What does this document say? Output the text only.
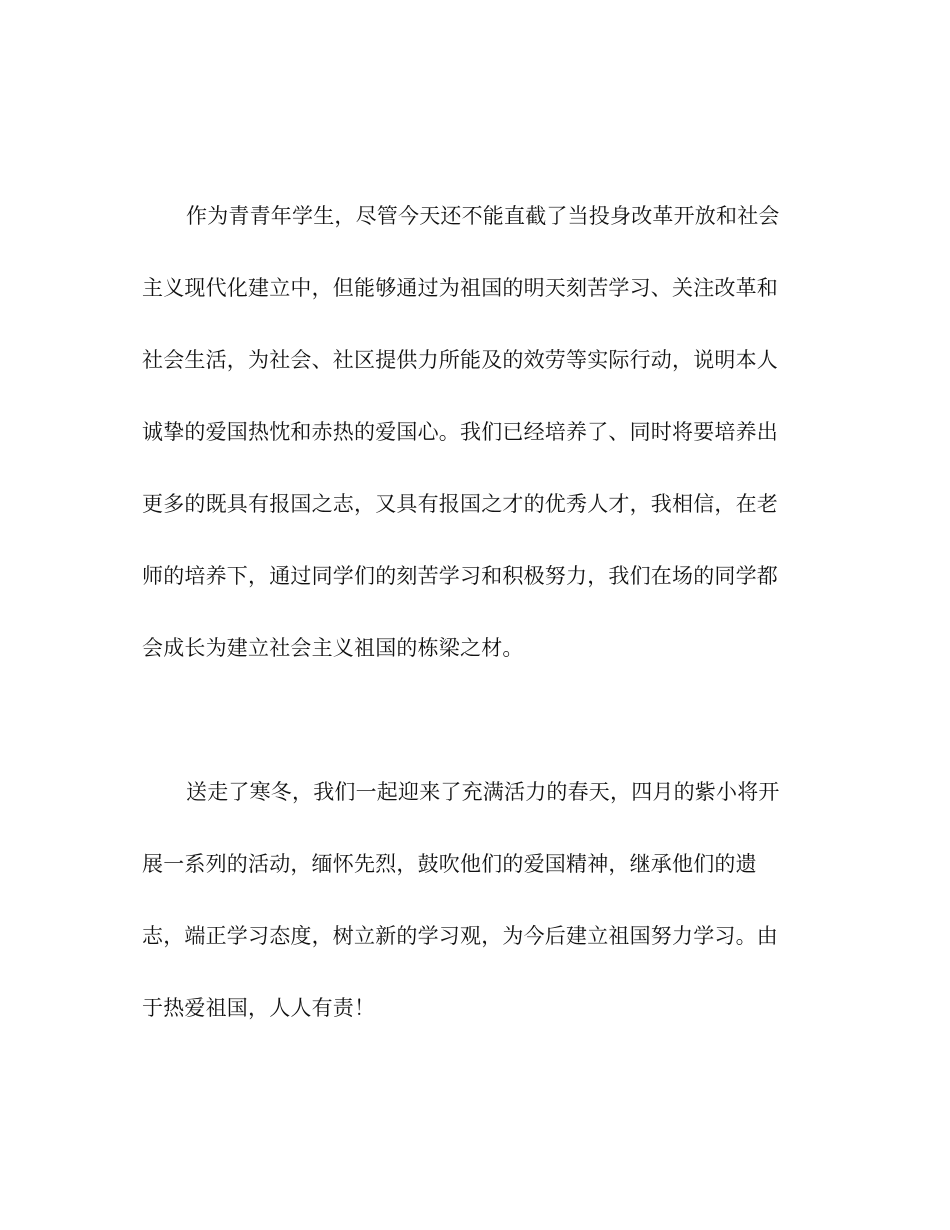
作为青青年学生，尽管今天还不能直截了当投身改革开放和社会
主义现代化建立中，但能够通过为祖国的明天刻苦学习、关注改革和
社会生活，为社会、社区提供力所能及的效劳等实际行动，说明本人
诚挚的爱国热忱和赤热的爱国心。我们已经培养了、同时将要培养出
更多的既具有报国之志，又具有报国之才的优秀人才，我相信，在老
师的培养下，通过同学们的刻苦学习和积极努力，我们在场的同学都
会成长为建立社会主义祖国的栋梁之材。
送走了寒冬，我们一起迎来了充满活力的春天，四月的紫小将开
展一系列的活动，缅怀先烈，鼓吹他们的爱国精神，继承他们的遗
志，端正学习态度，树立新的学习观，为今后建立祖国努力学习。由
于热爱祖国，人人有责！
